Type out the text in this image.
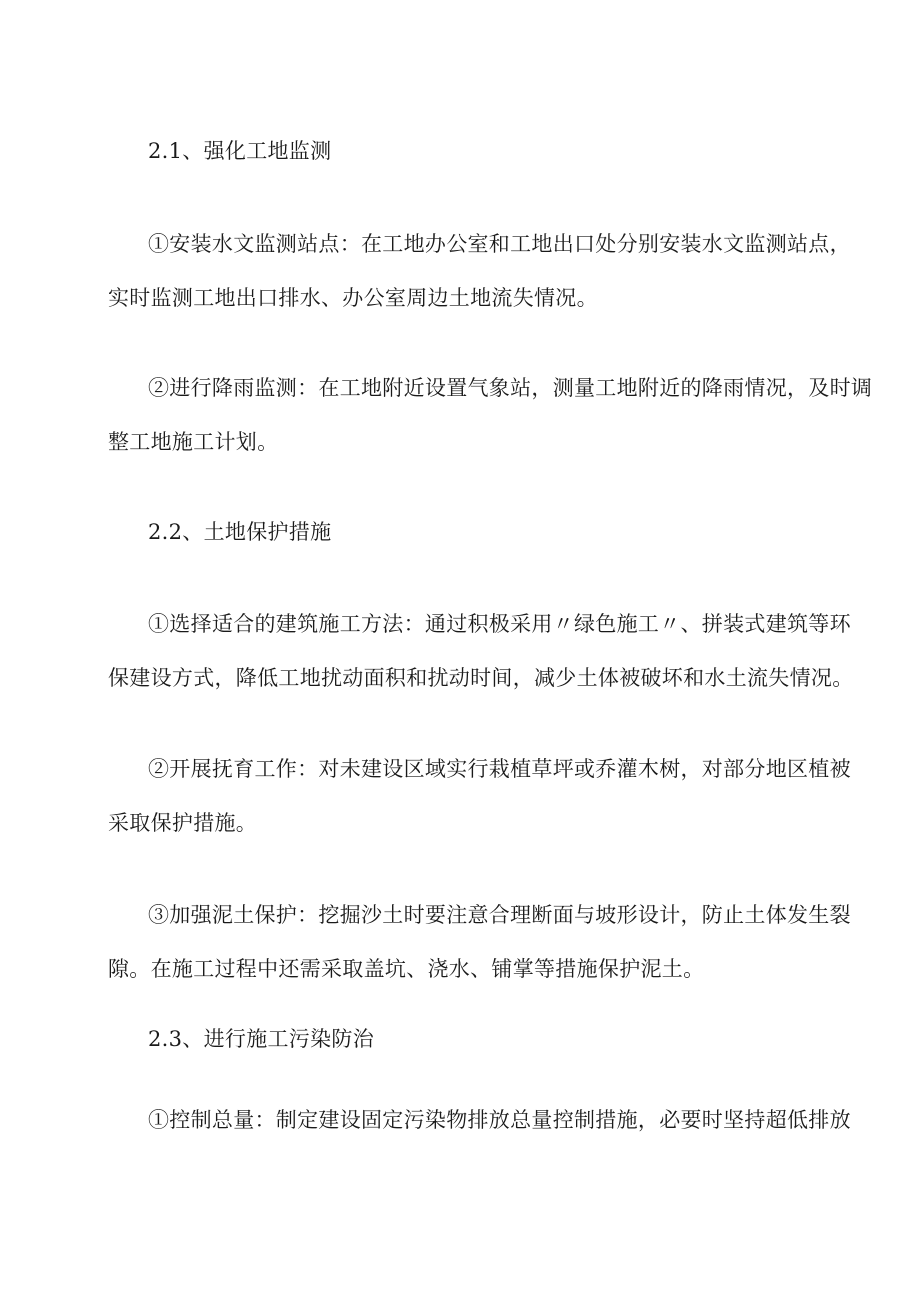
2.1、强化工地监测
①安装水文监测站点：在工地办公室和工地出口处分别安装水文监测站点，
实时监测工地出口排水、办公室周边土地流失情况。
②进行降雨监测：在工地附近设置气象站，测量工地附近的降雨情况，及时调
整工地施工计划。
2.2、土地保护措施
①选择适合的建筑施工方法：通过积极采用〃绿色施工〃、拼装式建筑等环
保建设方式，降低工地扰动面积和扰动时间，减少土体被破坏和水土流失情况。
②开展抚育工作：对未建设区域实行栽植草坪或乔灌木树，对部分地区植被
采取保护措施。
③加强泥土保护：挖掘沙土时要注意合理断面与坡形设计，防止土体发生裂
隙。在施工过程中还需采取盖坑、浇水、铺掌等措施保护泥土。
2.3、进行施工污染防治
①控制总量：制定建设固定污染物排放总量控制措施，必要时坚持超低排放
